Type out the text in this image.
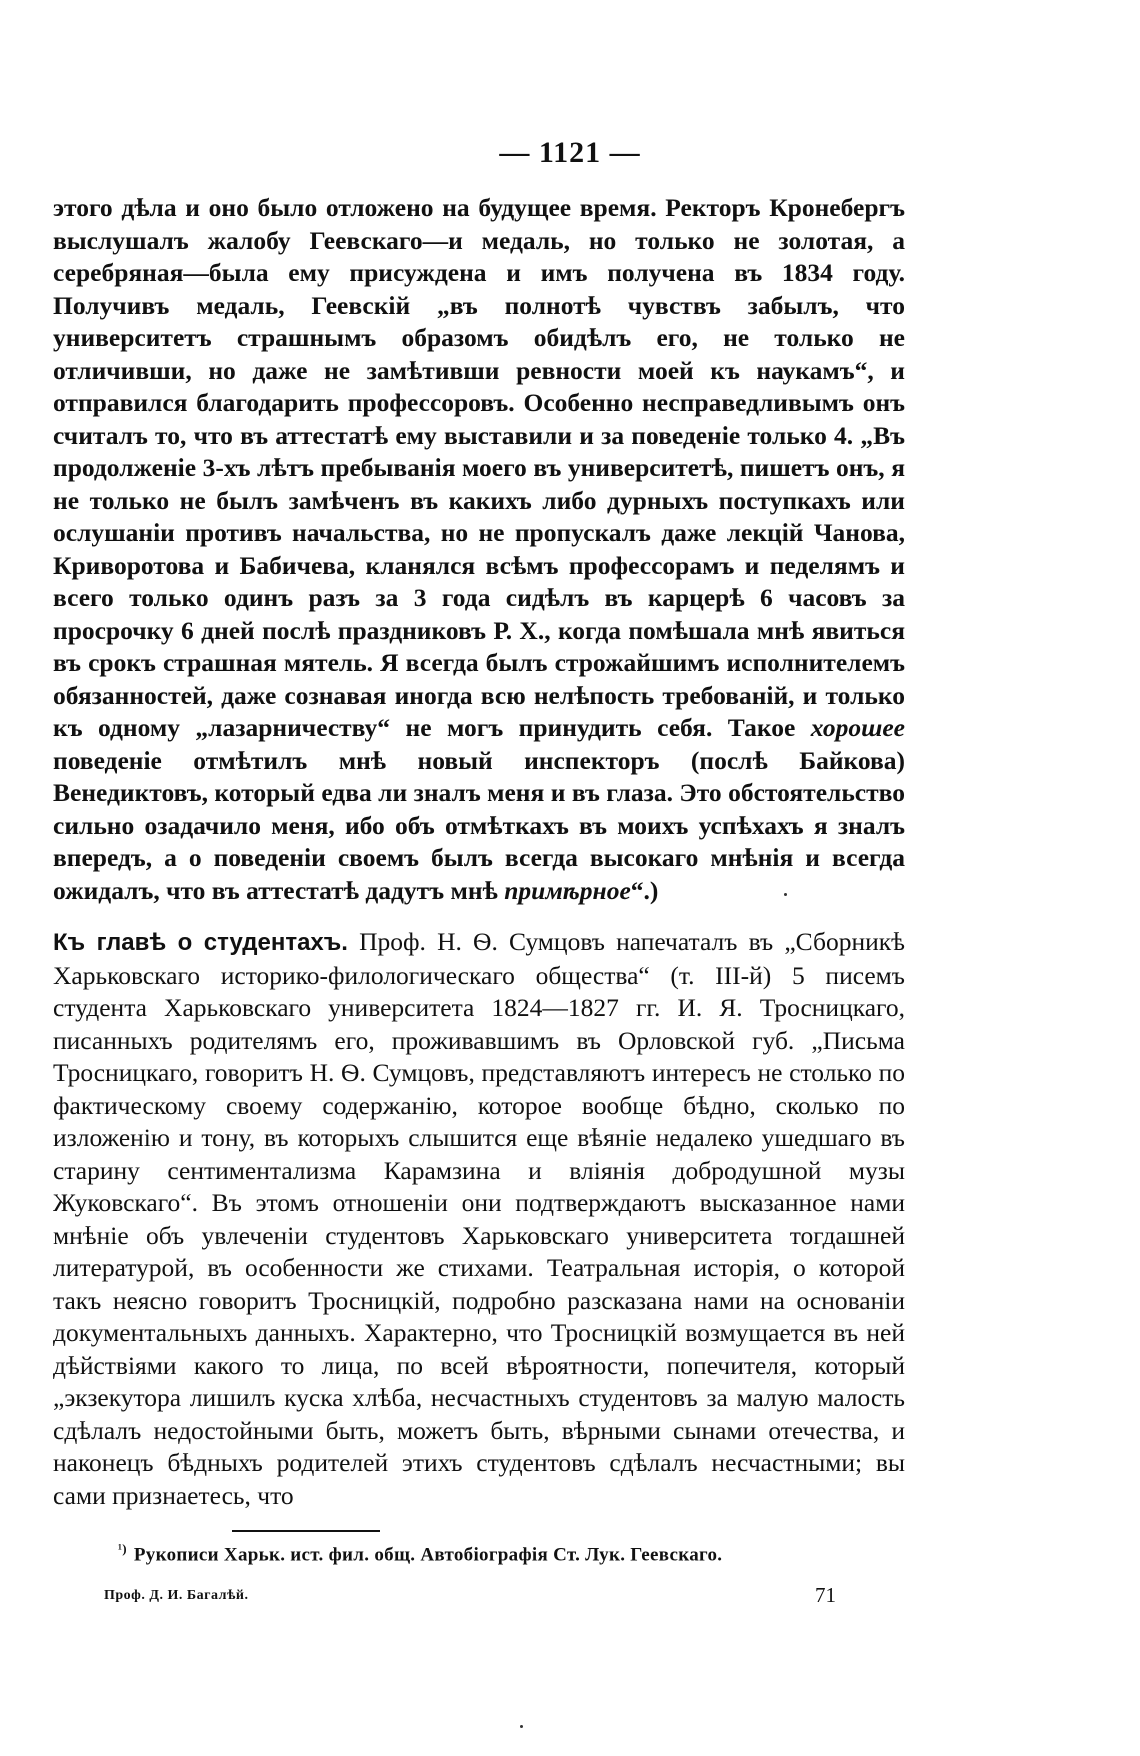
— 1121 —
этого дѣла и оно было отложено на будущее время. Ректоръ Кронебергъ выслушалъ жалобу Геевскаго—и медаль, но только не золотая, а серебряная—была ему присуждена и имъ получена въ 1834 году. Получивъ медаль, Геевскій „въ полнотѣ чувствъ забылъ, что университетъ страшнымъ образомъ обидѣлъ его, не только не отличивши, но даже не замѣтивши ревности моей къ наукамъ“, и отправился благодарить профессоровъ. Особенно несправедливымъ онъ считалъ то, что въ аттестатѣ ему выставили и за поведеніе только 4. „Въ продолженіе 3-хъ лѣтъ пребыванія моего въ университетѣ, пишетъ онъ, я не только не былъ замѣченъ въ какихъ либо дурныхъ поступкахъ или ослушаніи противъ начальства, но не пропускалъ даже лекцій Чанова, Криворотова и Бабичева, кланялся всѣмъ профессорамъ и педелямъ и всего только одинъ разъ за 3 года сидѣлъ въ карцерѣ 6 часовъ за просрочку 6 дней послѣ праздниковъ Р. Х., когда помѣшала мнѣ явиться въ срокъ страшная мятель. Я всегда былъ строжайшимъ исполнителемъ обязанностей, даже сознавая иногда всю нелѣпость требованій, и только къ одному „лазарничеству“ не могъ принудить себя. Такое хорошее поведеніе отмѣтилъ мнѣ новый инспекторъ (послѣ Байкова) Венедиктовъ, который едва ли зналъ меня и въ глаза. Это обстоятельство сильно озадачило меня, ибо объ отмѣткахъ въ моихъ успѣхахъ я зналъ впередъ, а о поведеніи своемъ былъ всегда высокаго мнѣнія и всегда ожидалъ, что въ аттестатѣ дадутъ мнѣ примѣрное“.)
Къ главѣ о студентахъ. Проф. Н. Ѳ. Сумцовъ напечаталъ въ „Сборникѣ Харьковскаго историко-филологическаго общества“ (т. III-й) 5 писемъ студента Харьковскаго университета 1824—1827 гг. И. Я. Тросницкаго, писанныхъ родителямъ его, проживавшимъ въ Орловской губ. „Письма Тросницкаго, говоритъ Н. Ѳ. Сумцовъ, представляютъ интересъ не столько по фактическому своему содержанію, которое вообще бѣдно, сколько по изложенію и тону, въ которыхъ слышится еще вѣяніе недалеко ушедшаго въ старину сентиментализма Карамзина и вліянія добродушной музы Жуковскаго“. Въ этомъ отношеніи они подтверждаютъ высказанное нами мнѣніе объ увлеченіи студентовъ Харьковскаго университета тогдашней литературой, въ особенности же стихами. Театральная исторія, о которой такъ неясно говоритъ Тросницкій, подробно разсказана нами на основаніи документальныхъ данныхъ. Характерно, что Тросницкій возмущается въ ней дѣйствіями какого то лица, по всей вѣроятности, попечителя, который „экзекутора лишилъ куска хлѣба, несчастныхъ студентовъ за малую малость сдѣлалъ недостойными быть, можетъ быть, вѣрными сынами отечества, и наконецъ бѣдныхъ родителей этихъ студентовъ сдѣлалъ несчастными; вы сами признаетесь, что
$^{^1)}$ Рукописи Харьк. ист. фил. общ. Автобіографія Ст. Лук. Геевскаго.
Проф. Д. И. Багалѣй.	71
